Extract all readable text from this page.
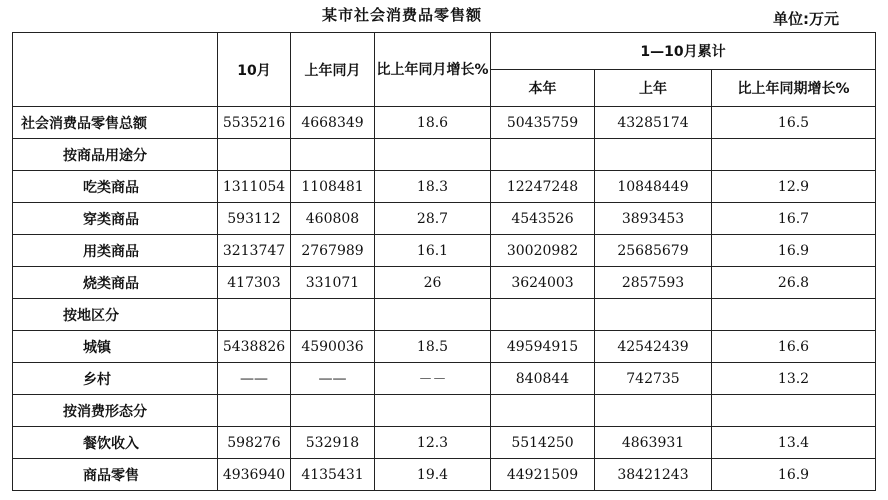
某市社会消费品零售额	单位:万元
	10月	上年同月	比上年同月增长%	1—10月累计		
				本年	上年	比上年同期增长%
社会消费品零售总额	5535216	4668349	18.6	50435759	43285174	16.5
按商品用途分						
吃类商品	1311054	1108481	18.3	12247248	10848449	12.9
穿类商品	593112	460808	28.7	4543526	3893453	16.7
用类商品	3213747	2767989	16.1	30020982	25685679	16.9
烧类商品	417303	331071	26	3624003	2857593	26.8
按地区分						
城镇	5438826	4590036	18.5	49594915	42542439	16.6
乡村	——	——	－－	840844	742735	13.2
按消费形态分						
餐饮收入	598276	532918	12.3	5514250	4863931	13.4
商品零售	4936940	4135431	19.4	44921509	38421243	16.9
